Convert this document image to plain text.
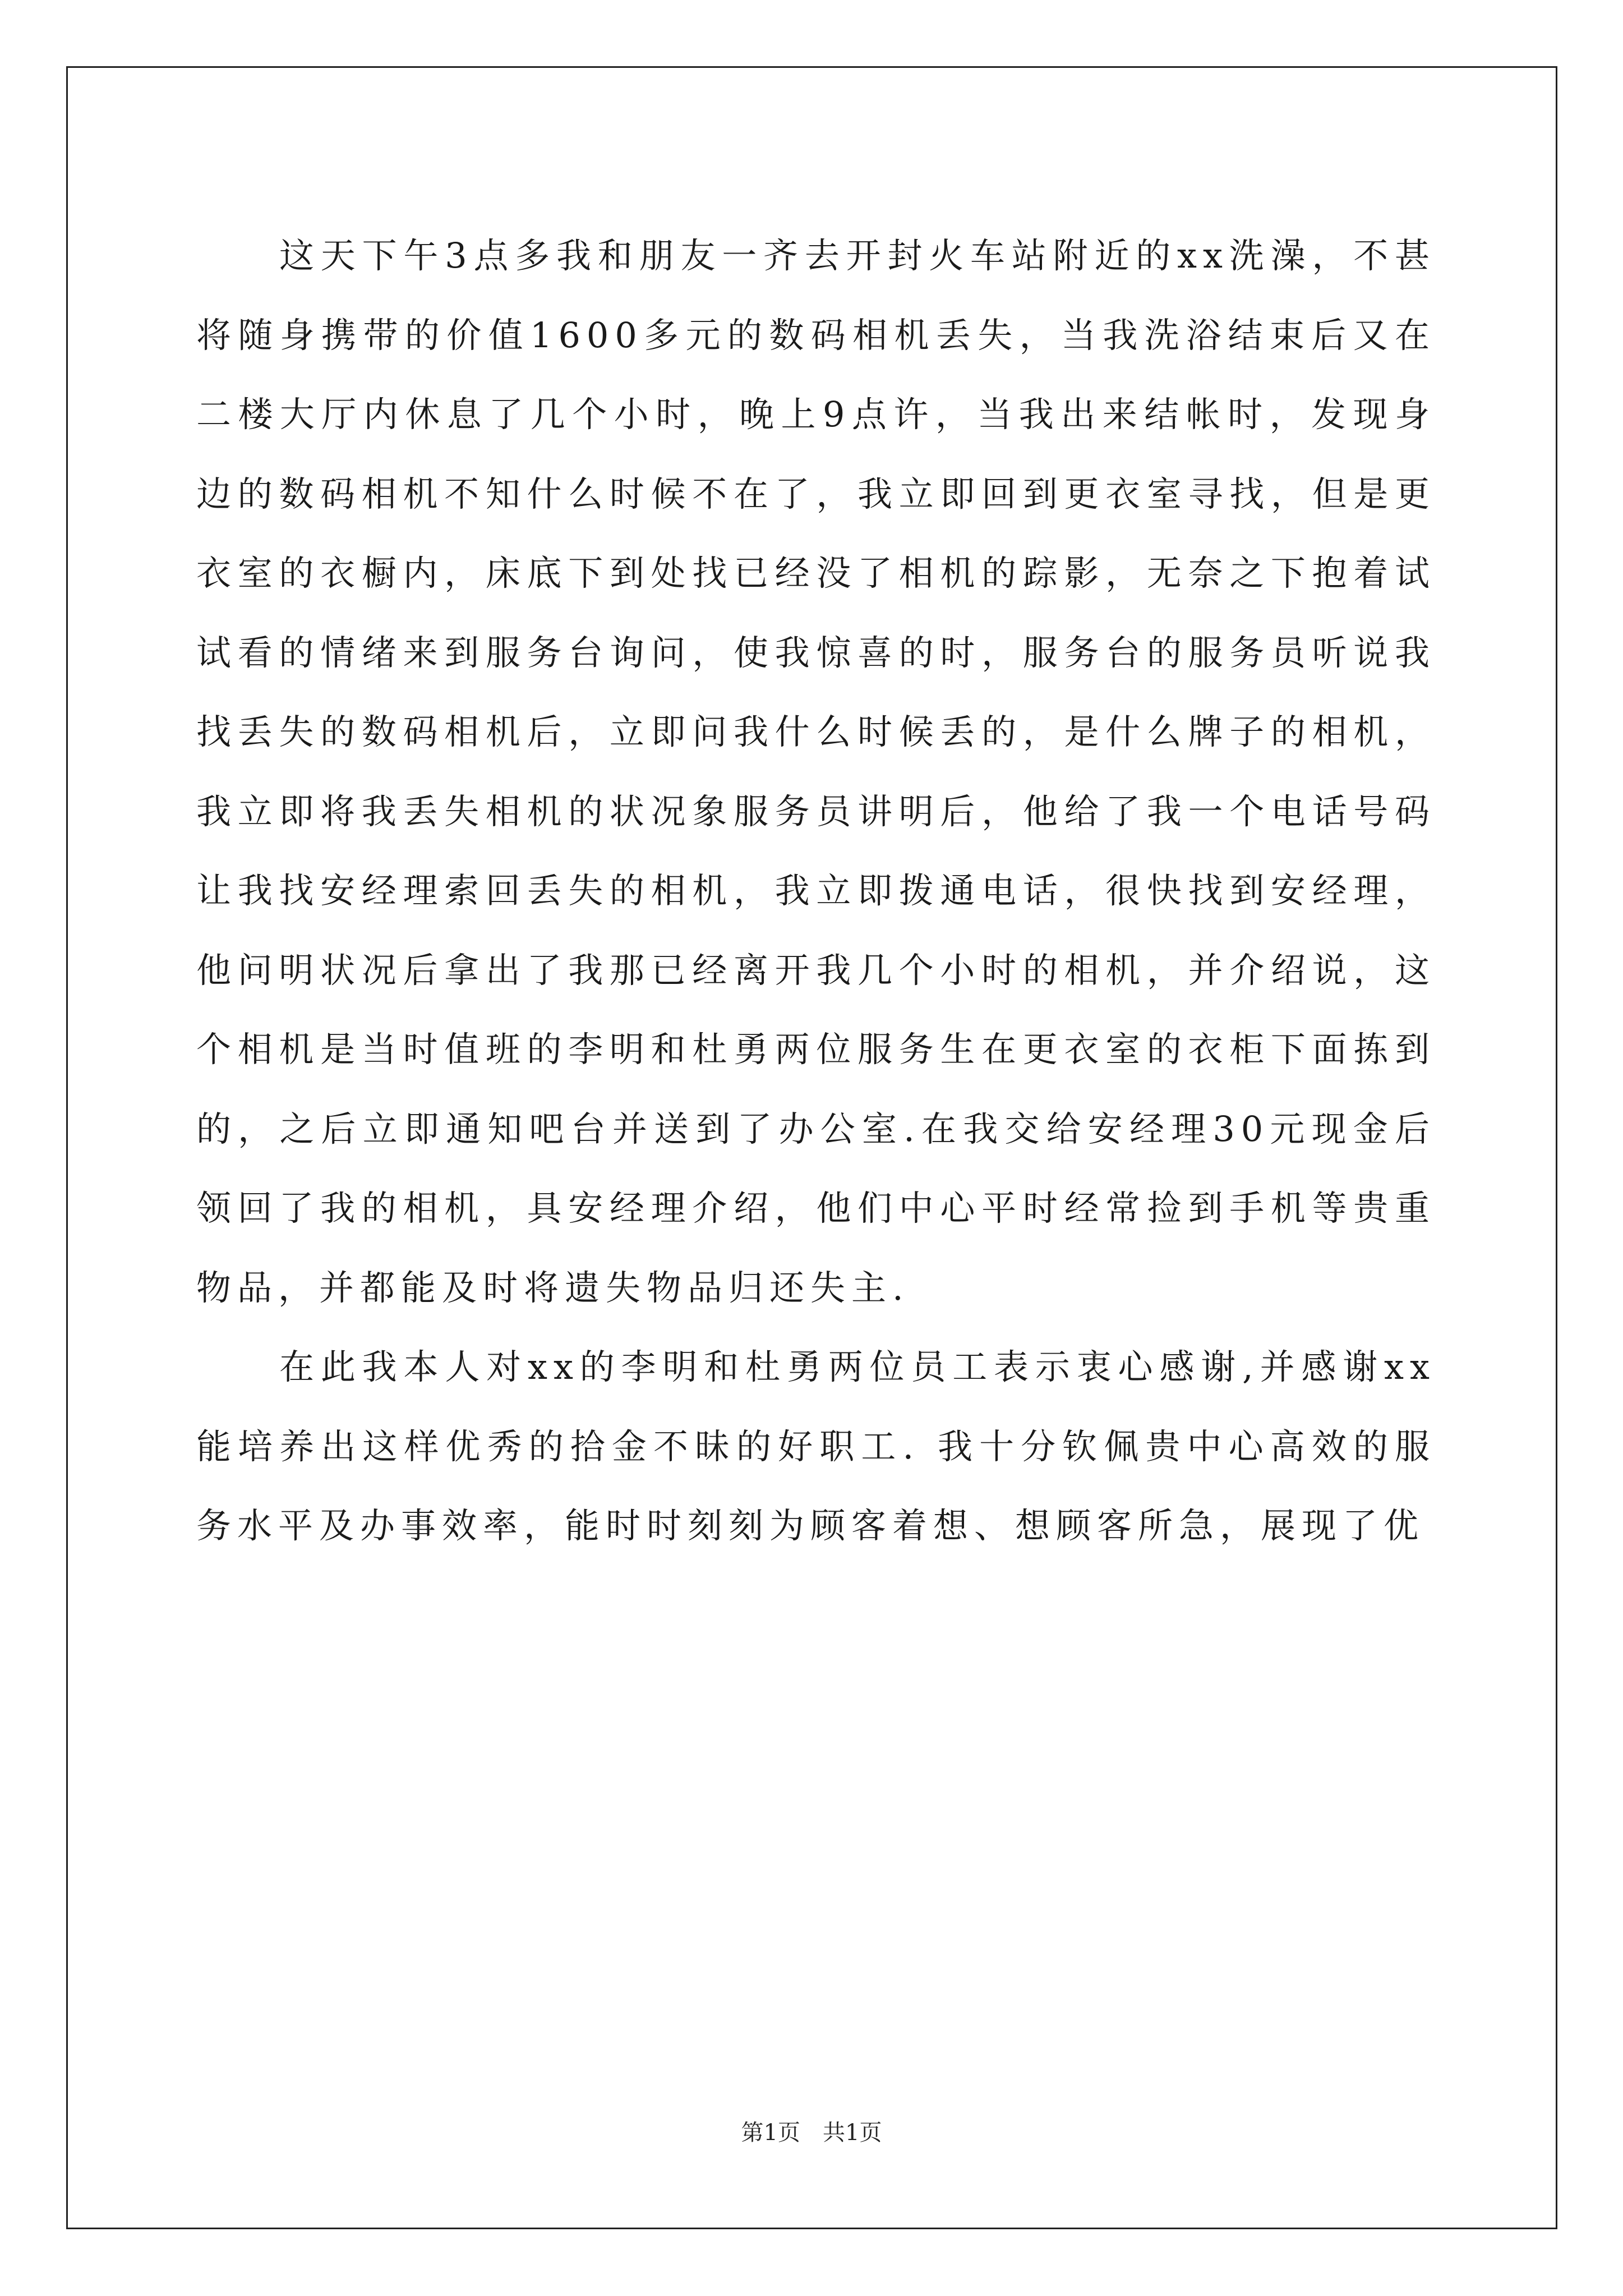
这天下午3点多我和朋友一齐去开封火车站附近的xx洗澡，不甚将随身携带的价值1600多元的数码相机丢失，当我洗浴结束后又在二楼大厅内休息了几个小时，晚上9点许，当我出来结帐时，发现身边的数码相机不知什么时候不在了，我立即回到更衣室寻找，但是更衣室的衣橱内，床底下到处找已经没了相机的踪影，无奈之下抱着试试看的情绪来到服务台询问，使我惊喜的时，服务台的服务员听说我找丢失的数码相机后，立即问我什么时候丢的，是什么牌子的相机，我立即将我丢失相机的状况象服务员讲明后，他给了我一个电话号码让我找安经理索回丢失的相机，我立即拨通电话，很快找到安经理，他问明状况后拿出了我那已经离开我几个小时的相机，并介绍说，这个相机是当时值班的李明和杜勇两位服务生在更衣室的衣柜下面拣到的，之后立即通知吧台并送到了办公室.在我交给安经理30元现金后领回了我的相机，具安经理介绍，他们中心平时经常捡到手机等贵重物品，并都能及时将遗失物品归还失主.

在此我本人对xx的李明和杜勇两位员工表示衷心感谢,并感谢xx能培养出这样优秀的拾金不昧的好职工. 我十分钦佩贵中心高效的服务水平及办事效率，能时时刻刻为顾客着想、想顾客所急，展现了优

第1页　共1页
